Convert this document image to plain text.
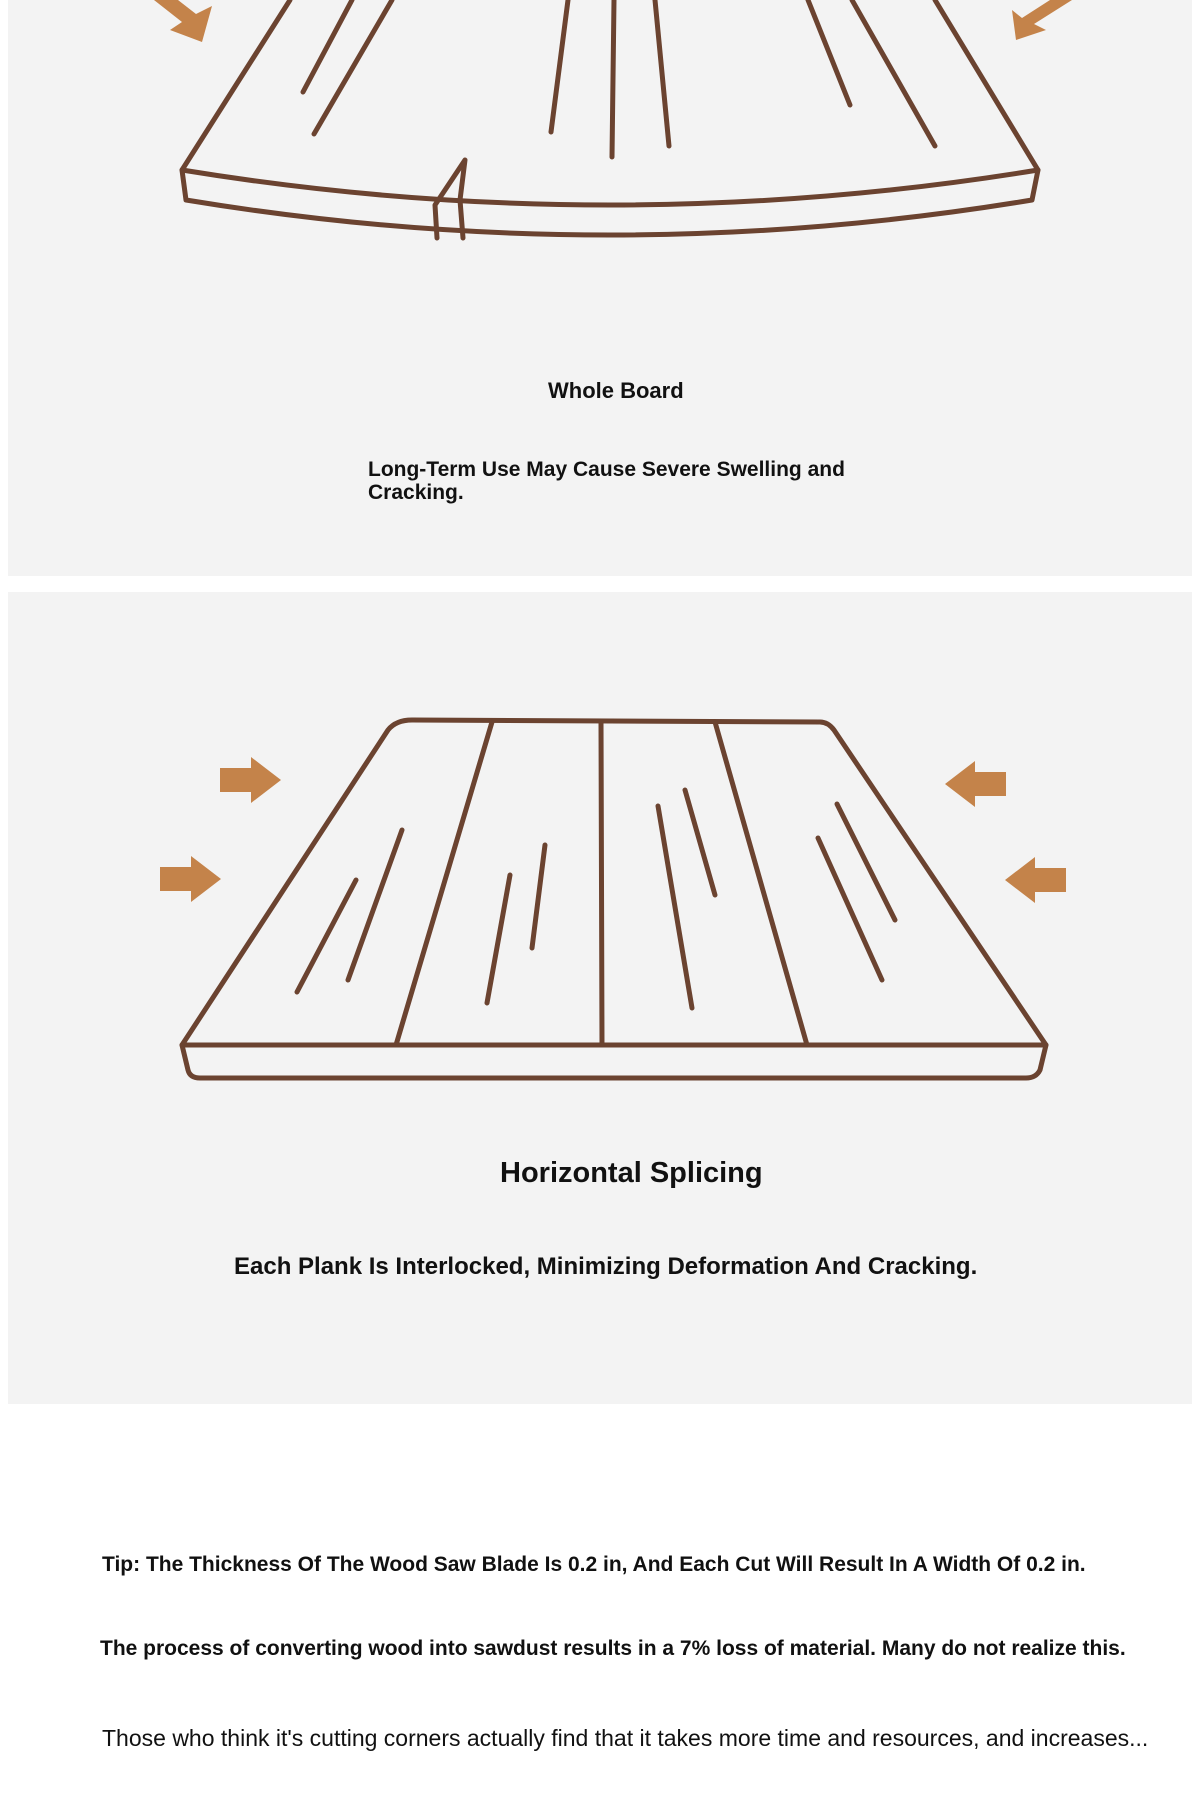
Whole Board
Long-Term Use May Cause Severe Swelling and Cracking.
Horizontal Splicing
Each Plank Is Interlocked, Minimizing Deformation And Cracking.
Tip: The Thickness Of The Wood Saw Blade Is 0.2 in, And Each Cut Will Result In A Width Of 0.2 in.
The process of converting wood into sawdust results in a 7% loss of material. Many do not realize this.
Those who think it's cutting corners actually find that it takes more time and resources, and increases...
